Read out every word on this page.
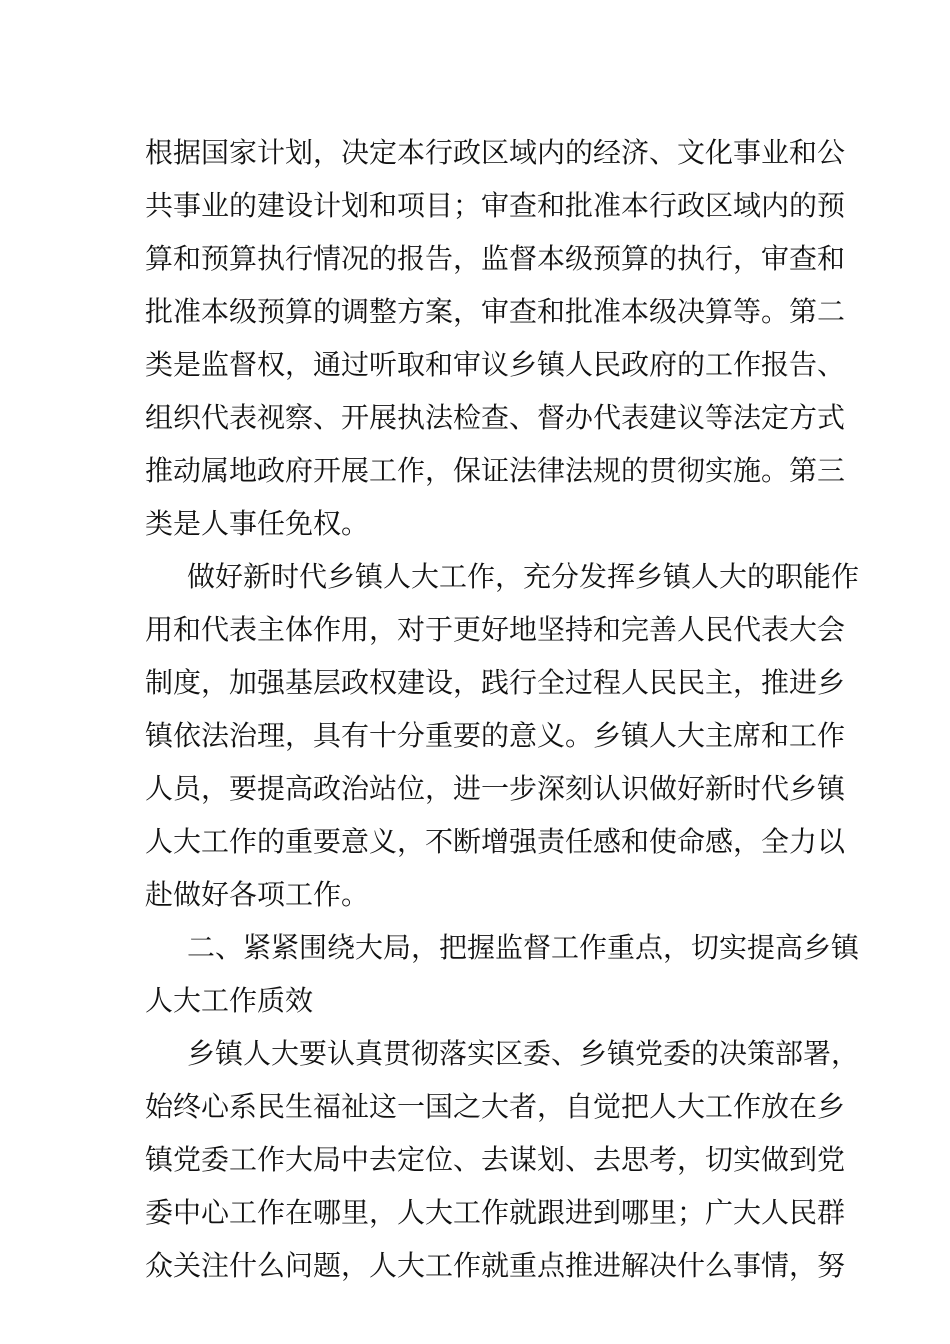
根据国家计划，决定本行政区域内的经济、文化事业和公
共事业的建设计划和项目；审查和批准本行政区域内的预
算和预算执行情况的报告，监督本级预算的执行，审查和
批准本级预算的调整方案，审查和批准本级决算等。第二
类是监督权，通过听取和审议乡镇人民政府的工作报告、
组织代表视察、开展执法检查、督办代表建议等法定方式
推动属地政府开展工作，保证法律法规的贯彻实施。第三
类是人事任免权。
做好新时代乡镇人大工作，充分发挥乡镇人大的职能作
用和代表主体作用，对于更好地坚持和完善人民代表大会
制度，加强基层政权建设，践行全过程人民民主，推进乡
镇依法治理，具有十分重要的意义。乡镇人大主席和工作
人员，要提高政治站位，进一步深刻认识做好新时代乡镇
人大工作的重要意义，不断增强责任感和使命感，全力以
赴做好各项工作。
二、紧紧围绕大局，把握监督工作重点，切实提高乡镇
人大工作质效
乡镇人大要认真贯彻落实区委、乡镇党委的决策部署，
始终心系民生福祉这一国之大者，自觉把人大工作放在乡
镇党委工作大局中去定位、去谋划、去思考，切实做到党
委中心工作在哪里，人大工作就跟进到哪里；广大人民群
众关注什么问题，人大工作就重点推进解决什么事情，努
